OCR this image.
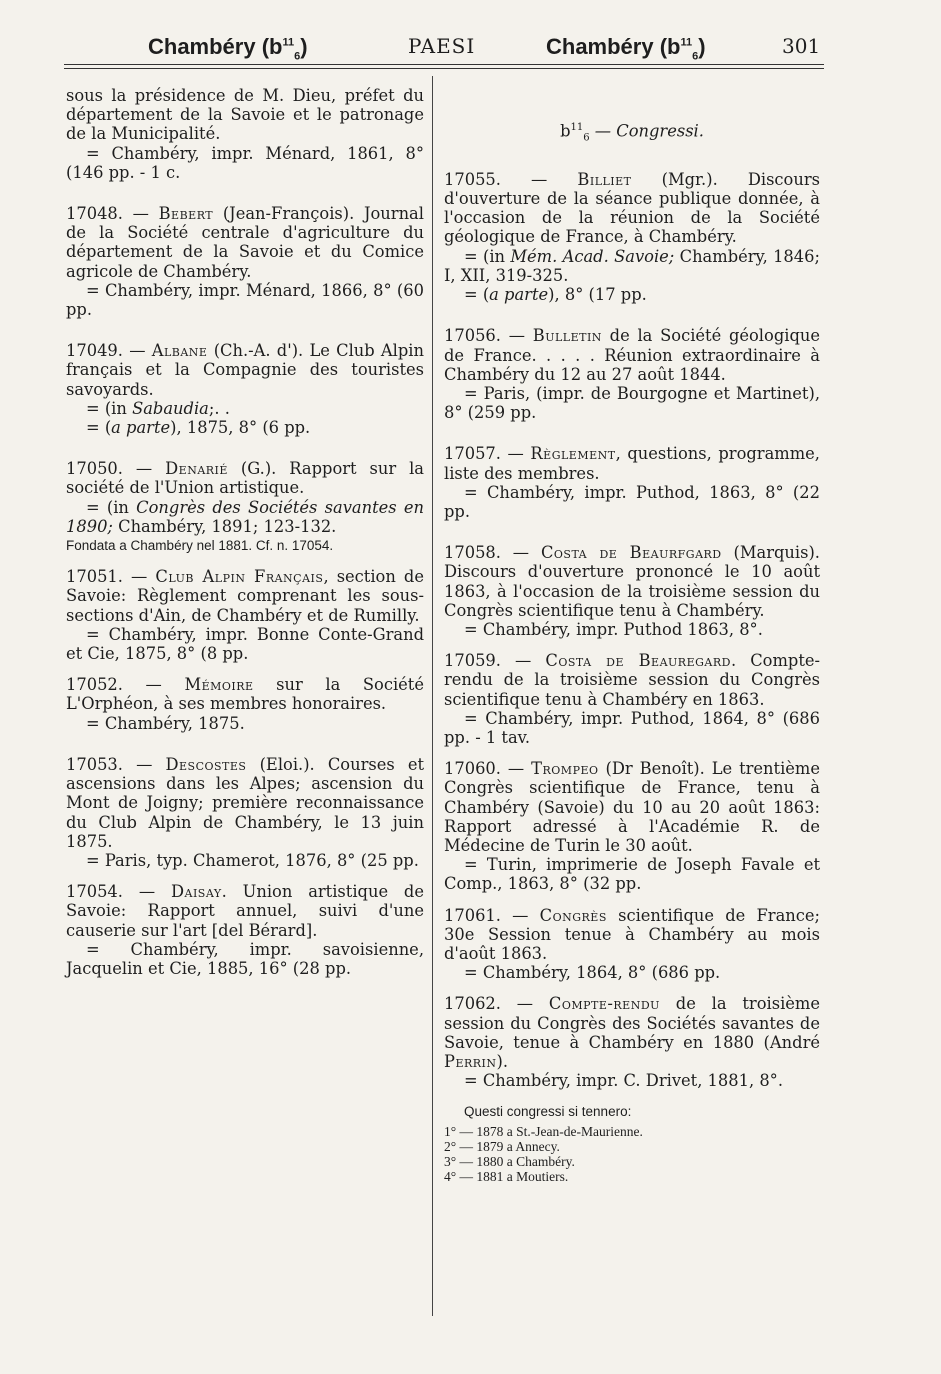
Chambéry $(b^{11}_6)$	PAESI	Chambéry $(b^{11}_6)$	301

sous la présidence de M. Dieu, préfet du département de la Savoie et le patronage de la Municipalité.

= Chambéry, impr. Ménard, 1861, 8° (146 pp. - 1 c.

17048. — Bebert (Jean-François). Journal de la Société centrale d'agriculture du département de la Savoie et du Comice agricole de Chambéry.

= Chambéry, impr. Ménard, 1866, 8° (60 pp.

17049. — Albane (Ch.-A. d'). Le Club Alpin français et la Compagnie des touristes savoyards.

= (in Sabaudia;. .

= (a parte), 1875, 8° (6 pp.

17050. — Denarié (G.). Rapport sur la société de l'Union artistique.

= (in Congrès des Sociétés savantes en 1890; Chambéry, 1891; 123-132.

Fondata a Chambéry nel 1881. Cf. n. 17054.

17051. — Club Alpin Français, section de Savoie: Règlement comprenant les sous-sections d'Ain, de Chambéry et de Rumilly.

= Chambéry, impr. Bonne Conte-Grand et Cie, 1875, 8° (8 pp.

17052. — Mémoire sur la Société L'Orphéon, à ses membres honoraires.

= Chambéry, 1875.

17053. — Descostes (Eloi.). Courses et ascensions dans les Alpes; ascension du Mont de Joigny; première reconnaissance du Club Alpin de Chambéry, le 13 juin 1875.

= Paris, typ. Chamerot, 1876, 8° (25 pp.

17054. — Daisay. Union artistique de Savoie: Rapport annuel, suivi d'une causerie sur l'art [del Bérard].

= Chambéry, impr. savoisienne, Jacquelin et Cie, 1885, 16° (28 pp.

$b^{11}_6$ — Congressi.

17055. — Billiet (Mgr.). Discours d'ouverture de la séance publique donnée, à l'occasion de la réunion de la Société géologique de France, à Chambéry.

= (in Mém. Acad. Savoie; Chambéry, 1846; I, XII, 319-325.

= (a parte), 8° (17 pp.

17056. — Bulletin de la Société géologique de France. . . . . Réunion extraordinaire à Chambéry du 12 au 27 août 1844.

= Paris, (impr. de Bourgogne et Martinet), 8° (259 pp.

17057. — Règlement, questions, programme, liste des membres.

= Chambéry, impr. Puthod, 1863, 8° (22 pp.

17058. — Costa de Beaurfgard (Marquis). Discours d'ouverture prononcé le 10 août 1863, à l'occasion de la troisième session du Congrès scientifique tenu à Chambéry.

= Chambéry, impr. Puthod 1863, 8°.

17059. — Costa de Beauregard. Compte-rendu de la troisième session du Congrès scientifique tenu à Chambéry en 1863.

= Chambéry, impr. Puthod, 1864, 8° (686 pp. - 1 tav.

17060. — Trompeo (Dr Benoît). Le trentième Congrès scientifique de France, tenu à Chambéry (Savoie) du 10 au 20 août 1863: Rapport adressé à l'Académie R. de Médecine de Turin le 30 août.

= Turin, imprimerie de Joseph Favale et Comp., 1863, 8° (32 pp.

17061. — Congrès scientifique de France; 30e Session tenue à Chambéry au mois d'août 1863.

= Chambéry, 1864, 8° (686 pp.

17062. — Compte-rendu de la troisième session du Congrès des Sociétés savantes de Savoie, tenue à Chambéry en 1880 (André Perrin).

= Chambéry, impr. C. Drivet, 1881, 8°.

Questi congressi si tennero:

1° — 1878 a St.-Jean-de-Maurienne.
2° — 1879 a Annecy.
3° — 1880 a Chambéry.
4° — 1881 a Moutiers.
